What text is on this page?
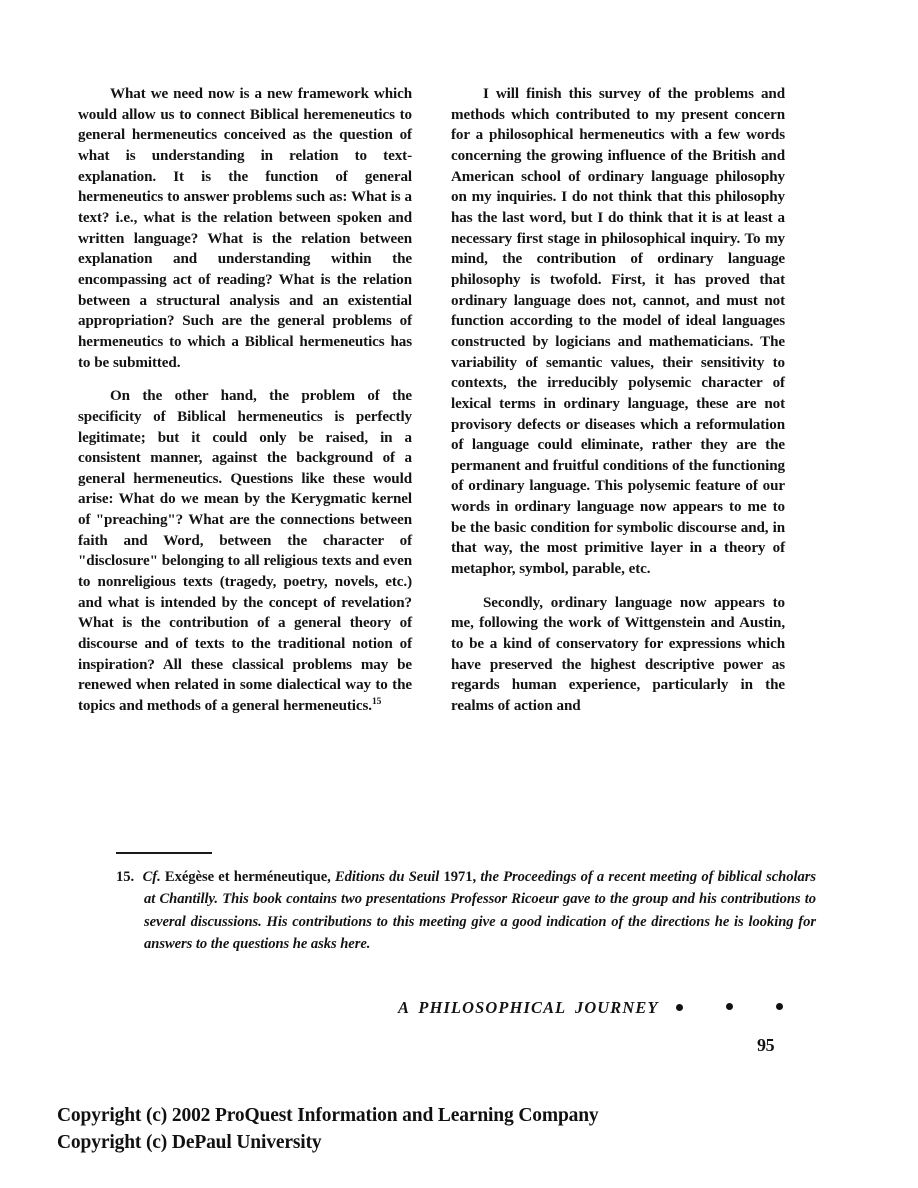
What we need now is a new framework which would allow us to connect Biblical heremeneutics to general hermeneutics conceived as the question of what is understanding in relation to text-explanation. It is the function of general hermeneutics to answer problems such as: What is a text? i.e., what is the relation between spoken and written language? What is the relation between explanation and understanding within the encompassing act of reading? What is the relation between a structural analysis and an existential appropriation? Such are the general problems of hermeneutics to which a Biblical hermeneutics has to be submitted.

On the other hand, the problem of the specificity of Biblical hermeneutics is perfectly legitimate; but it could only be raised, in a consistent manner, against the background of a general hermeneutics. Questions like these would arise: What do we mean by the Kerygmatic kernel of "preaching"? What are the connections between faith and Word, between the character of "disclosure" belonging to all religious texts and even to nonreligious texts (tragedy, poetry, novels, etc.) and what is intended by the concept of revelation? What is the contribution of a general theory of discourse and of texts to the traditional notion of inspiration? All these classical problems may be renewed when related in some dialectical way to the topics and methods of a general hermeneutics.$^{15}$

I will finish this survey of the problems and methods which contributed to my present concern for a philosophical hermeneutics with a few words concerning the growing influence of the British and American school of ordinary language philosophy on my inquiries. I do not think that this philosophy has the last word, but I do think that it is at least a necessary first stage in philosophical inquiry. To my mind, the contribution of ordinary language philosophy is twofold. First, it has proved that ordinary language does not, cannot, and must not function according to the model of ideal languages constructed by logicians and mathematicians. The variability of semantic values, their sensitivity to contexts, the irreducibly polysemic character of lexical terms in ordinary language, these are not provisory defects or diseases which a reformulation of language could eliminate, rather they are the permanent and fruitful conditions of the functioning of ordinary language. This polysemic feature of our words in ordinary language now appears to me to be the basic condition for symbolic discourse and, in that way, the most primitive layer in a theory of metaphor, symbol, parable, etc.

Secondly, ordinary language now appears to me, following the work of Wittgenstein and Austin, to be a kind of conservatory for expressions which have preserved the highest descriptive power as regards human experience, particularly in the realms of action and

15. Cf. Exégèse et herméneutique, Editions du Seuil 1971, the Proceedings of a recent meeting of biblical scholars at Chantilly. This book contains two presentations Professor Ricoeur gave to the group and his contributions to several discussions. His contributions to this meeting give a good indication of the directions he is looking for answers to the questions he asks here.
A PHILOSOPHICAL JOURNEY
95
Copyright (c) 2002 ProQuest Information and Learning Company
Copyright (c) DePaul University
